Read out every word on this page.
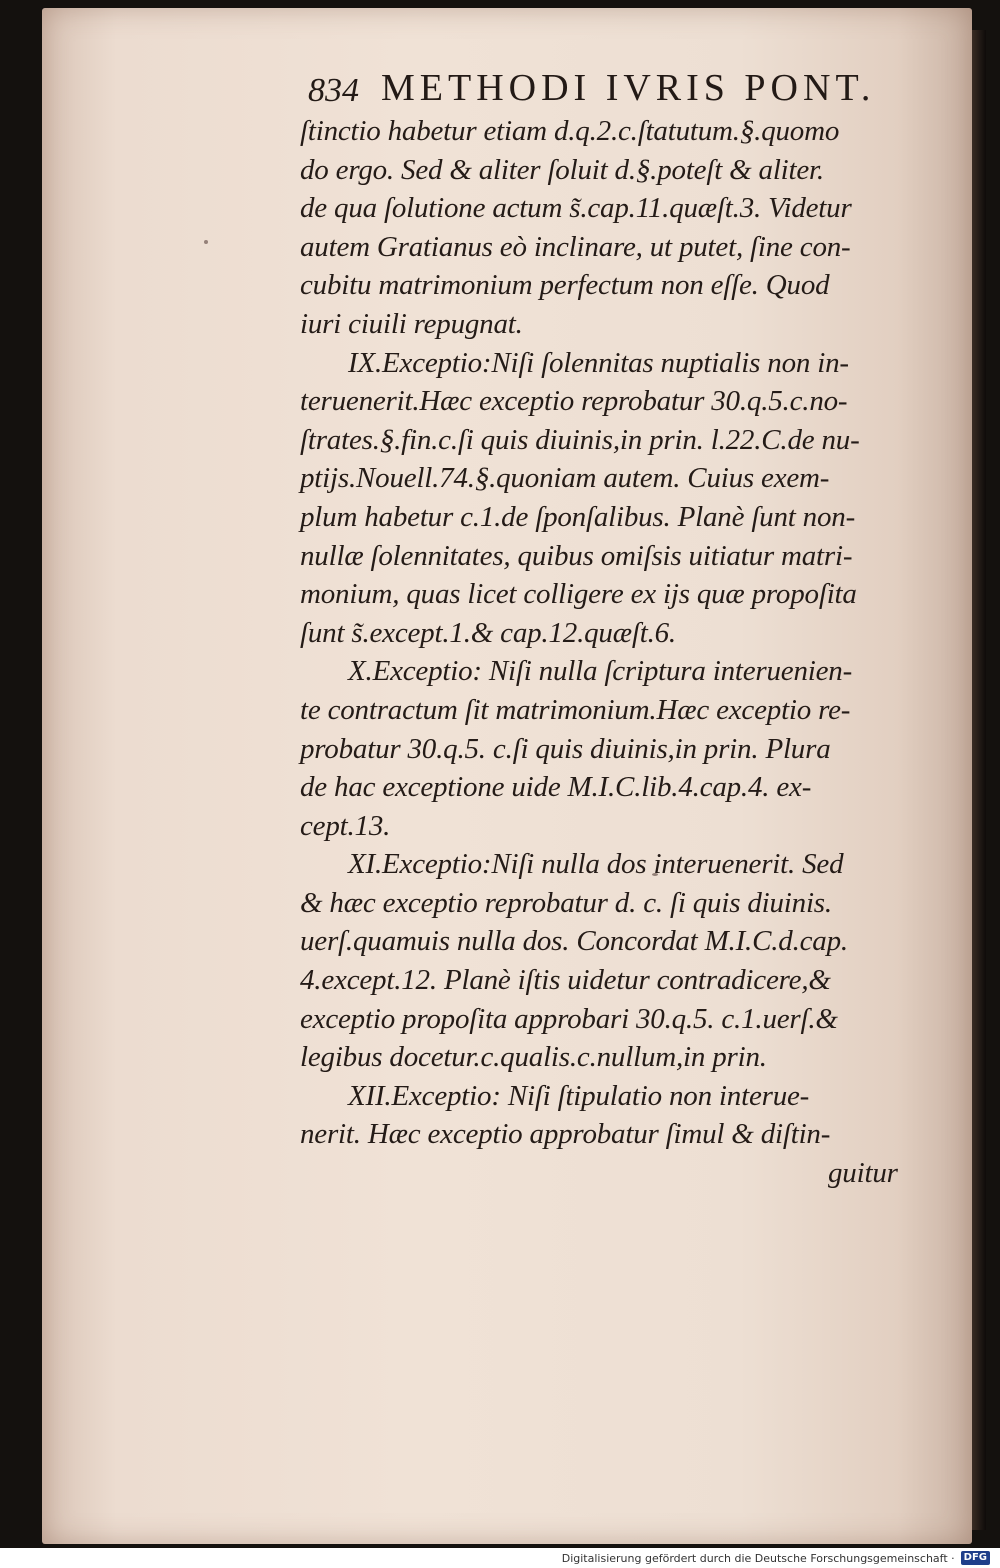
834 METHODI IVRIS PONT.
ſtinctio habetur etiam d.q.2.c.ſtatutum.§.quomo
do ergo. Sed & aliter ſoluit d.§.poteſt & aliter.
de qua ſolutione actum s̃.cap.11.quæſt.3. Videtur
autem Gratianus eò inclinare, ut putet, ſine con-
cubitu matrimonium perfectum non eſſe. Quod
iuri ciuili repugnat.
IX.Exceptio:Niſi ſolennitas nuptialis non in-
teruenerit.Hæc exceptio reprobatur 30.q.5.c.no-
ſtrates.§.fin.c.ſi quis diuinis,in prin. l.22.C.de nu-
ptijs.Nouell.74.§.quoniam autem. Cuius exem-
plum habetur c.1.de ſponſalibus. Planè ſunt non-
nullæ ſolennitates, quibus omiſsis uitiatur matri-
monium, quas licet colligere ex ijs quæ propoſita
ſunt s̃.except.1.& cap.12.quæſt.6.
X.Exceptio: Niſi nulla ſcriptura interuenien-
te contractum ſit matrimonium.Hæc exceptio re-
probatur 30.q.5. c.ſi quis diuinis,in prin. Plura
de hac exceptione uide M.I.C.lib.4.cap.4. ex-
cept.13.
XI.Exceptio:Niſi nulla dos interuenerit. Sed
& hæc exceptio reprobatur d. c. ſi quis diuinis.
uerſ.quamuis nulla dos. Concordat M.I.C.d.cap.
4.except.12. Planè iſtis uidetur contradicere,&
exceptio propoſita approbari 30.q.5. c.1.uerſ.&
legibus docetur.c.qualis.c.nullum,in prin.
XII.Exceptio: Niſi ſtipulatio non interue-
nerit. Hæc exceptio approbatur ſimul & diſtin-
guitur
Digitalisierung gefördert durch die Deutsche Forschungsgemeinschaft · DFG
